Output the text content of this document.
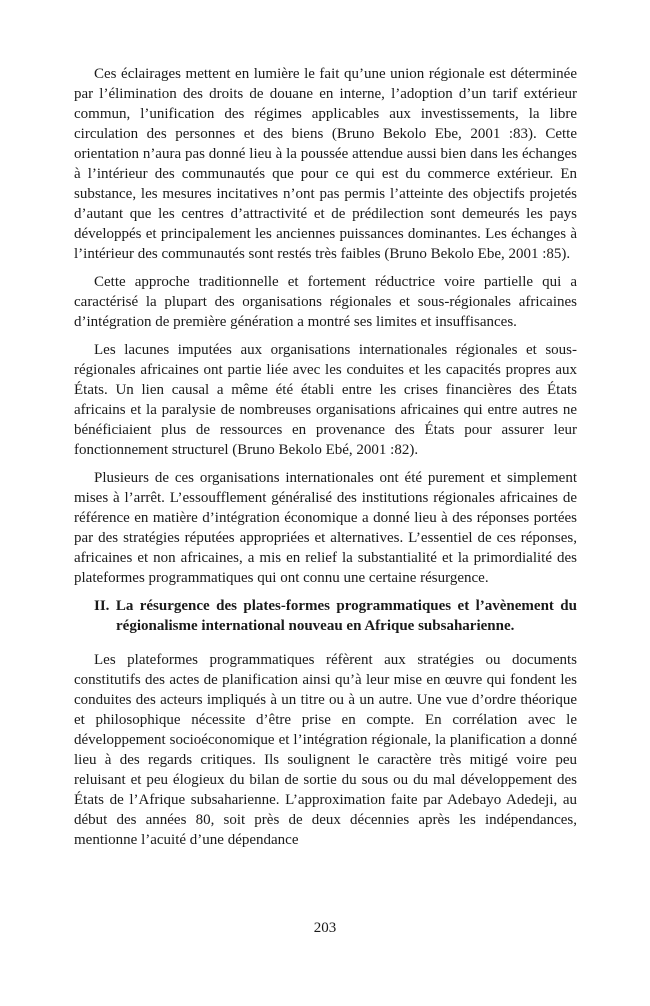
Ces éclairages mettent en lumière le fait qu’une union régionale est déterminée par l’élimination des droits de douane en interne, l’adoption d’un tarif extérieur commun, l’unification des régimes applicables aux investissements, la libre circulation des personnes et des biens (Bruno Bekolo Ebe, 2001 :83). Cette orientation n’aura pas donné lieu à la poussée attendue aussi bien dans les échanges à l’intérieur des communautés que pour ce qui est du commerce extérieur. En substance, les mesures incitatives n’ont pas permis l’atteinte des objectifs projetés d’autant que les centres d’attractivité et de prédilection sont demeurés les pays développés et principalement les anciennes puissances dominantes. Les échanges à l’intérieur des communautés sont restés très faibles (Bruno Bekolo Ebe, 2001 :85).

Cette approche traditionnelle et fortement réductrice voire partielle qui a caractérisé la plupart des organisations régionales et sous-régionales africaines d’intégration de première génération a montré ses limites et insuffisances.

Les lacunes imputées aux organisations internationales régionales et sous-régionales africaines ont partie liée avec les conduites et les capacités propres aux États. Un lien causal a même été établi entre les crises financières des États africains et la paralysie de nombreuses organisations africaines qui entre autres ne bénéficiaient plus de ressources en provenance des États pour assurer leur fonctionnement structurel (Bruno Bekolo Ebé, 2001 :82).

Plusieurs de ces organisations internationales ont été purement et simplement mises à l’arrêt. L’essoufflement généralisé des institutions régionales africaines de référence en matière d’intégration économique a donné lieu à des réponses portées par des stratégies réputées appropriées et alternatives. L’essentiel de ces réponses, africaines et non africaines, a mis en relief la substantialité et la primordialité des plateformes programmatiques qui ont connu une certaine résurgence.

II. La résurgence des plates-formes programmatiques et l’avènement du régionalisme international nouveau en Afrique subsaharienne.

Les plateformes programmatiques réfèrent aux stratégies ou documents constitutifs des actes de planification ainsi qu’à leur mise en œuvre qui fondent les conduites des acteurs impliqués à un titre ou à un autre. Une vue d’ordre théorique et philosophique nécessite d’être prise en compte. En corrélation avec le développement socioéconomique et l’intégration régionale, la planification a donné lieu à des regards critiques. Ils soulignent le caractère très mitigé voire peu reluisant et peu élogieux du bilan de sortie du sous ou du mal développement des États de l’Afrique subsaharienne. L’approximation faite par Adebayo Adedeji, au début des années 80, soit près de deux décennies après les indépendances, mentionne l’acuité d’une dépendance

203
